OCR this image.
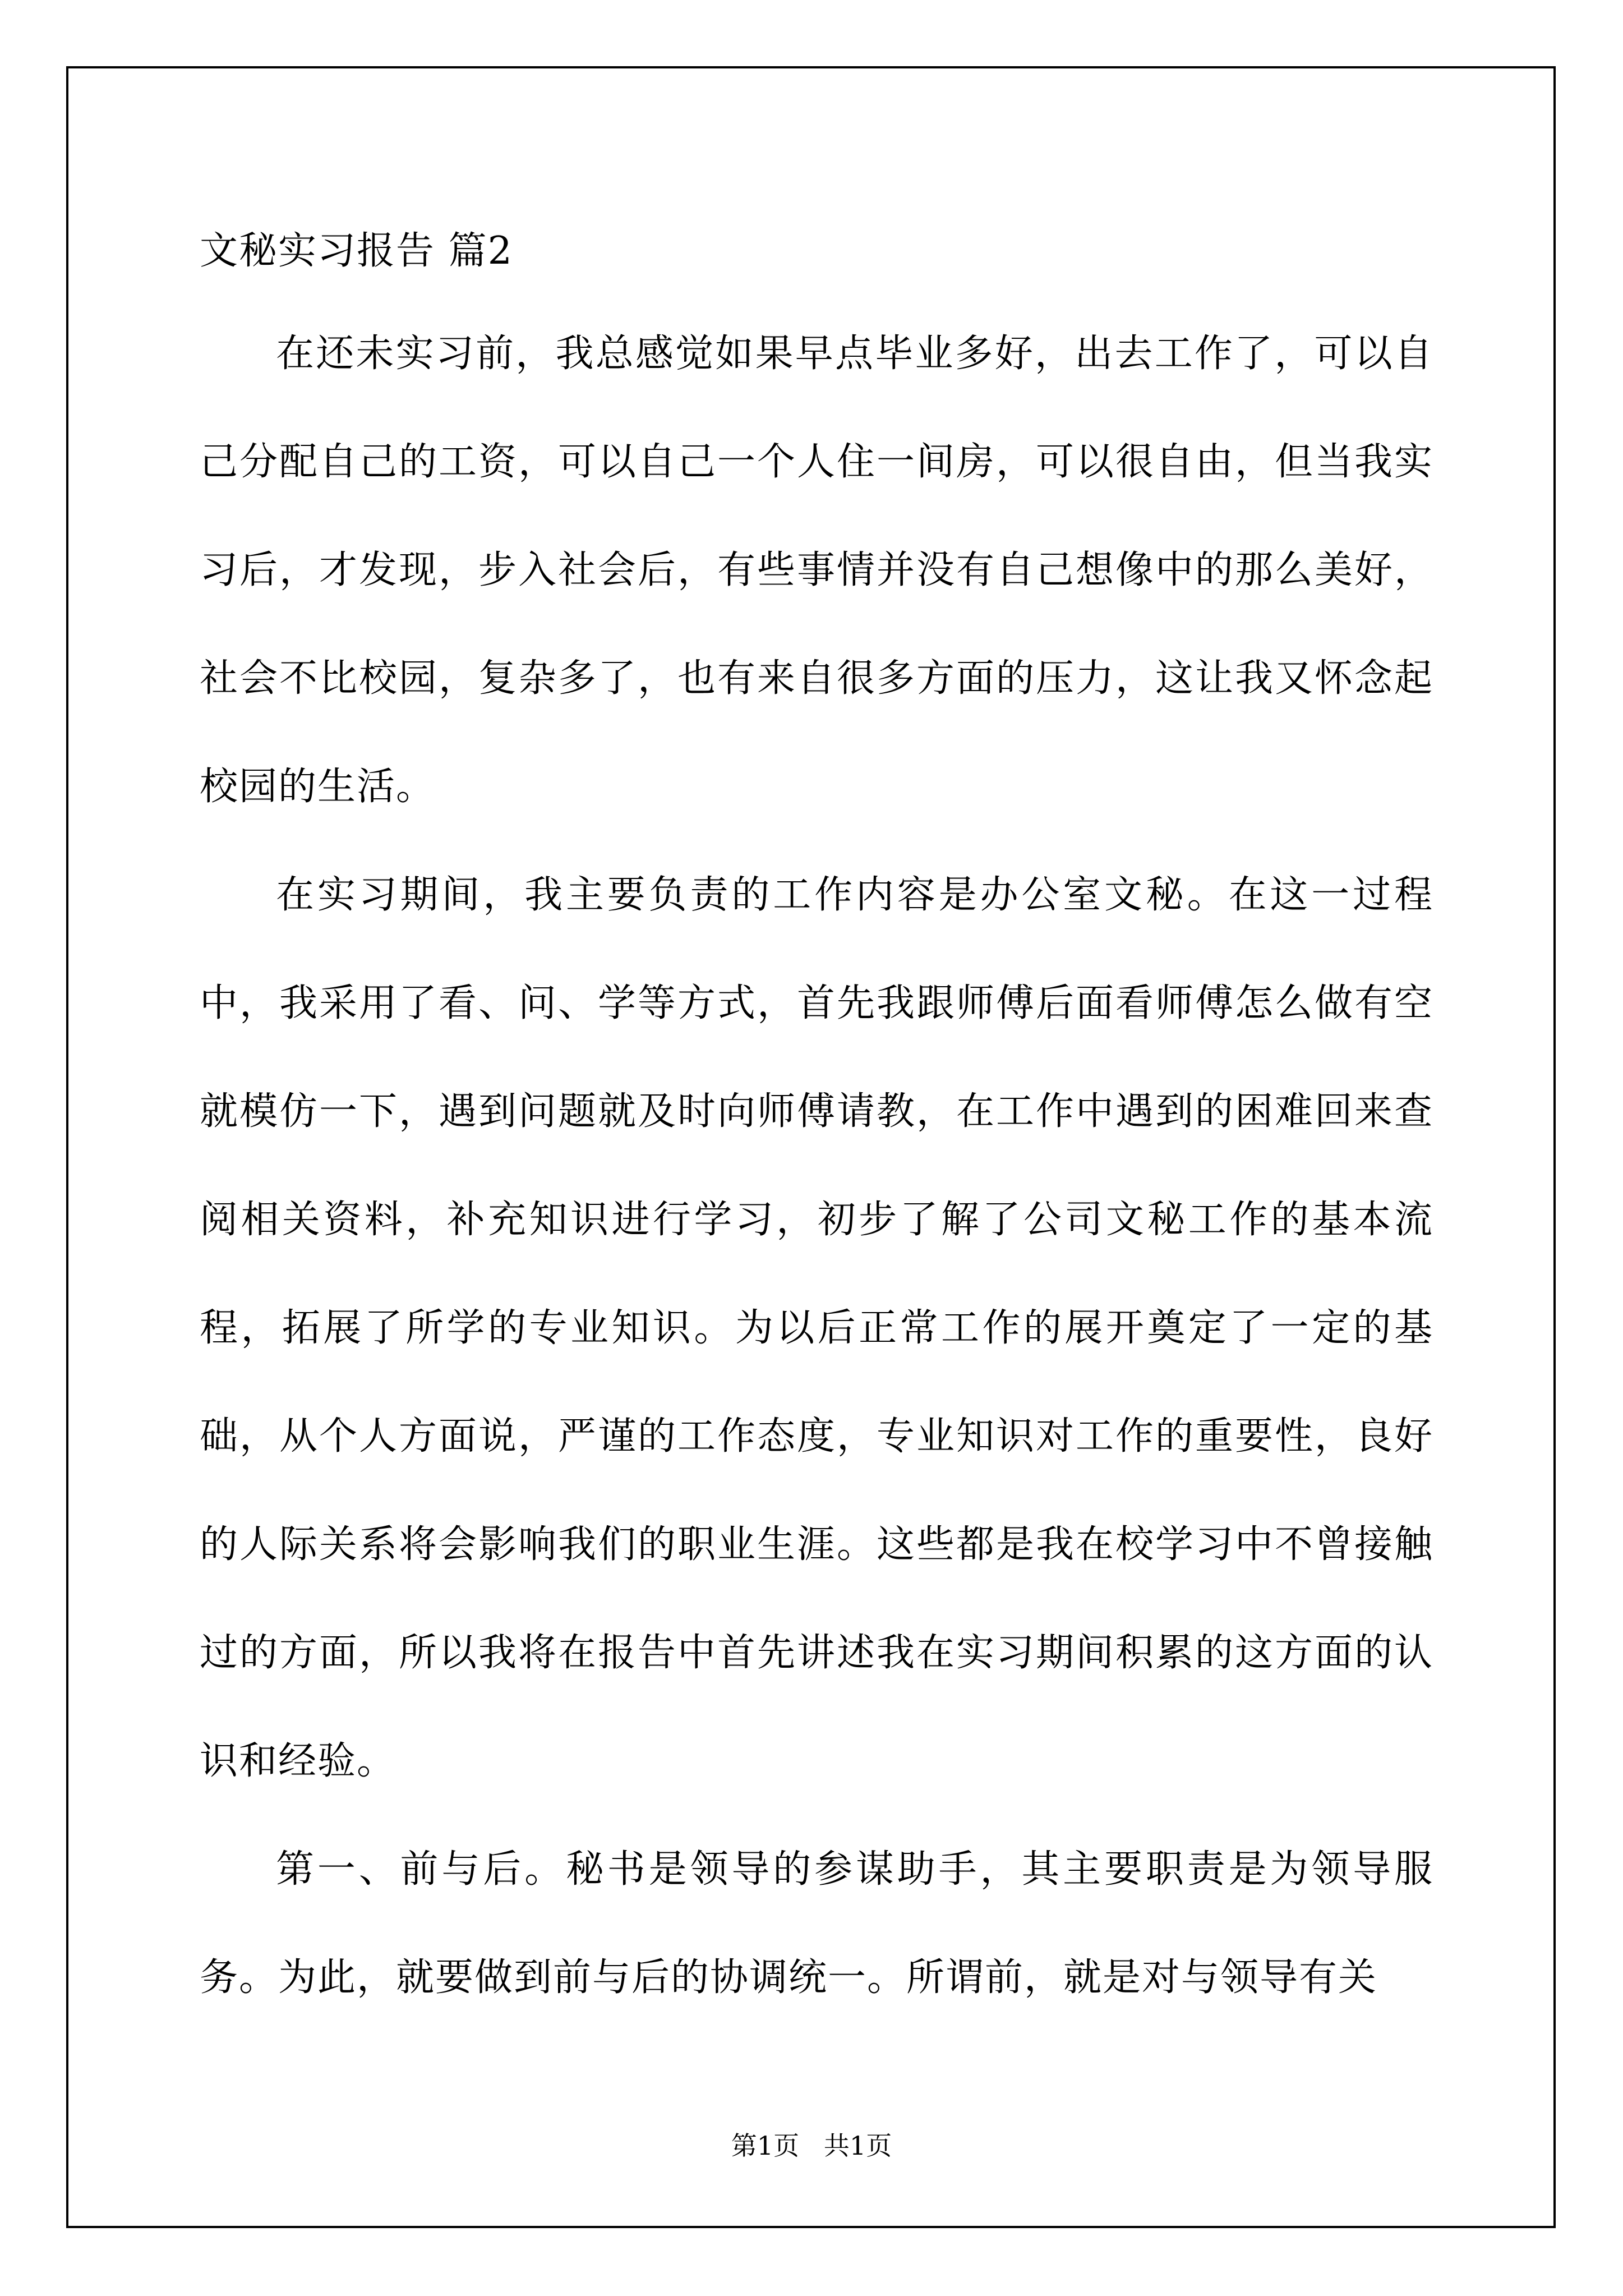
文秘实习报告 篇2

在还未实习前，我总感觉如果早点毕业多好，出去工作了，可以自己分配自己的工资，可以自己一个人住一间房，可以很自由，但当我实习后，才发现，步入社会后，有些事情并没有自己想像中的那么美好，社会不比校园，复杂多了，也有来自很多方面的压力，这让我又怀念起校园的生活。

在实习期间，我主要负责的工作内容是办公室文秘。在这一过程中，我采用了看、问、学等方式，首先我跟师傅后面看师傅怎么做有空就模仿一下，遇到问题就及时向师傅请教，在工作中遇到的困难回来查阅相关资料，补充知识进行学习，初步了解了公司文秘工作的基本流程，拓展了所学的专业知识。为以后正常工作的展开奠定了一定的基础，从个人方面说，严谨的工作态度，专业知识对工作的重要性，良好的人际关系将会影响我们的职业生涯。这些都是我在校学习中不曾接触过的方面，所以我将在报告中首先讲述我在实习期间积累的这方面的认识和经验。

第一、前与后。秘书是领导的参谋助手，其主要职责是为领导服务。为此，就要做到前与后的协调统一。所谓前，就是对与领导有关

第1页   共1页
